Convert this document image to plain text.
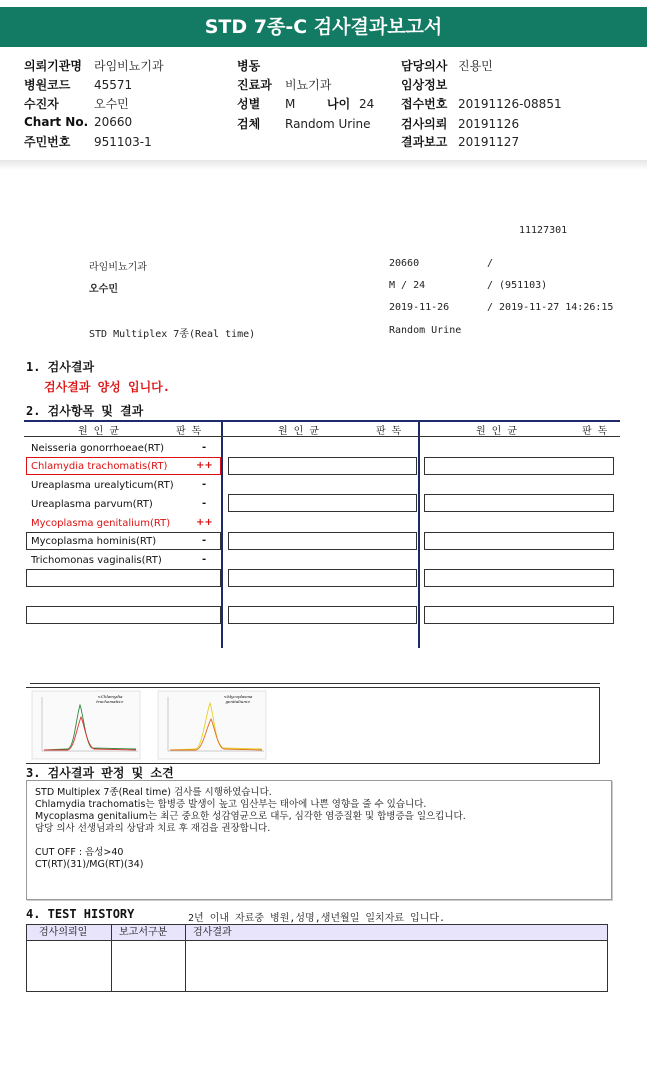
STD 7종-C 검사결과보고서
의뢰기관명 라임비뇨기과
병원코드 45571
수진자	오수민
Chart No. 20660
주민번호 951103-1
병동
진료과 비뇨기과
성별 M	나이 24
검체 Random Urine
담당의사 진용민
임상정보
접수번호 20191126-08851
검사의뢰 20191126
결과보고 20191127
11127301
라임비뇨기과	20660	/
오수민	M / 24	/ (951103)
2019-11-26	/ 2019-11-27 14:26:15
STD Multiplex 7종(Real time)	Random Urine
1. 검사결과
검사결과 양성 입니다.
2. 검사항목 및 결과
원 인 균	판 독	원 인 균	판 독	원 인 균	판 독
Neisseria gonorrhoeae(RT)	-
Chlamydia trachomatis(RT)	++
Ureaplasma urealyticum(RT)	-
Ureaplasma parvum(RT)	-
Mycoplasma genitalium(RT)	++
Mycoplasma hominis(RT)	-
Trichomonas vaginalis(RT)	-
<Chlamydia
trachomatis>
<Mycoplasma
genitalium>
3. 검사결과 판정 및 소견
STD Multiplex 7종(Real time) 검사를 시행하였습니다.
Chlamydia trachomatis는 합병증 발생이 높고 임산부는 태아에 나쁜 영향을 줄 수 있습니다.
Mycoplasma genitalium는 최근 중요한 성감염균으로 대두, 심각한 염증질환 및 합병증을 일으킵니다.
담당 의사 선생님과의 상담과 치료 후 재검을 권장합니다.
CUT OFF : 음성>40
CT(RT)(31)/MG(RT)(34)
4. TEST HISTORY	2년 이내 자료중 병원,성명,생년월일 일치자료 입니다.
검사의뢰일	보고서구분	검사결과
